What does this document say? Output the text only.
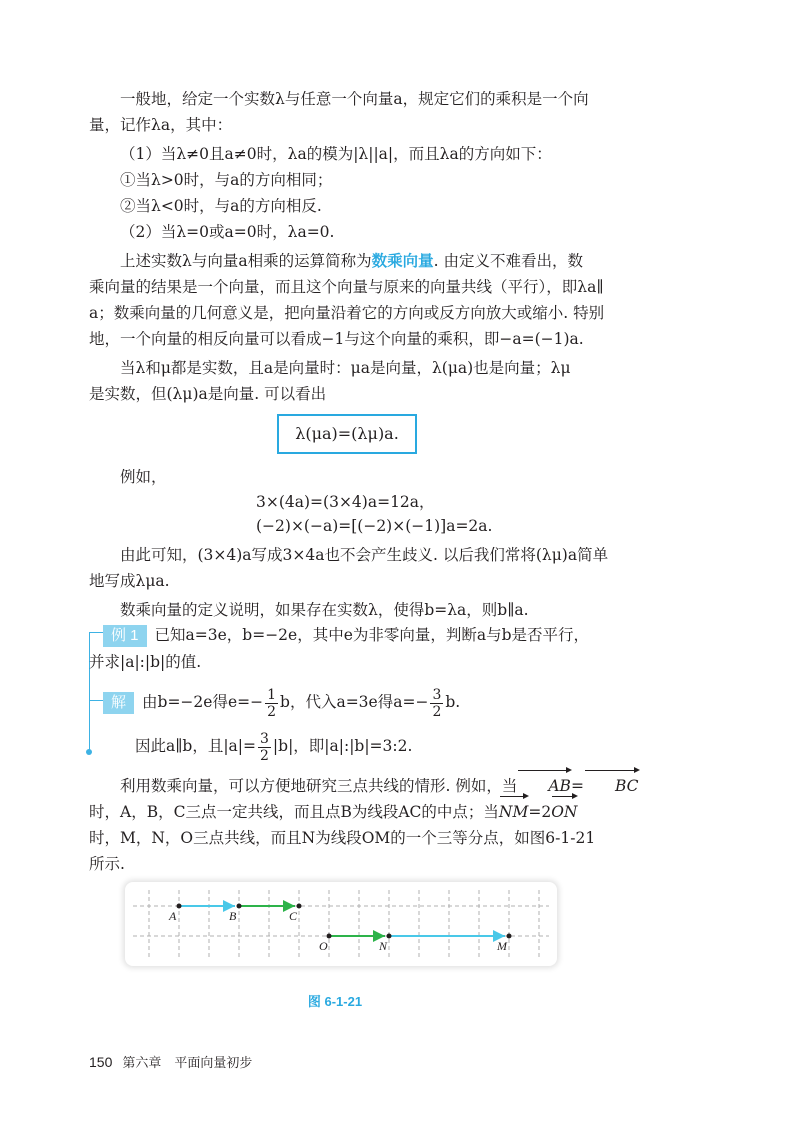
一般地，给定一个实数λ与任意一个向量a，规定它们的乘积是一个向
量，记作λa，其中：
（1）当λ≠0且a≠0时，λa的模为|λ||a|，而且λa的方向如下：
①当λ>0时，与a的方向相同；
②当λ<0时，与a的方向相反.
（2）当λ=0或a=0时，λa=0.
上述实数λ与向量a相乘的运算简称为数乘向量. 由定义不难看出，数
乘向量的结果是一个向量，而且这个向量与原来的向量共线（平行），即λa∥
a；数乘向量的几何意义是，把向量沿着它的方向或反方向放大或缩小. 特别
地，一个向量的相反向量可以看成−1与这个向量的乘积，即−a=(−1)a.
当λ和μ都是实数，且a是向量时：μa是向量，λ(μa)也是向量；λμ
是实数，但(λμ)a是向量. 可以看出
λ(μa)=(λμ)a.
例如，
3×(4a)=(3×4)a=12a，
(−2)×(−a)=[(−2)×(−1)]a=2a.
由此可知，(3×4)a写成3×4a也不会产生歧义. 以后我们常将(λμ)a简单
地写成λμa.
数乘向量的定义说明，如果存在实数λ，使得b=λa，则b∥a.
例 1 已知a=3e，b=−2e，其中e为非零向量，判断a与b是否平行，
并求|a|:|b|的值.
解 由b=−2e得$e=- \frac{1}{2}$ b，代入a=3e得$a=- \frac{3}{2} b$.
因此a∥b，且$|a|= \frac{3}{2} |b|$，即|a|:|b|=3:2.
利用数乘向量，可以方便地研究三点共线的情形. 例如，当 AB= BC
时，A，B，C三点一定共线，而且点B为线段AC的中点；当NM=2ON
时，M，N，O三点共线，而且N为线段OM的一个三等分点，如图6-1-21
所示.
A	B	C
O	N	M
图 6-1-21
150 第六章　平面向量初步
